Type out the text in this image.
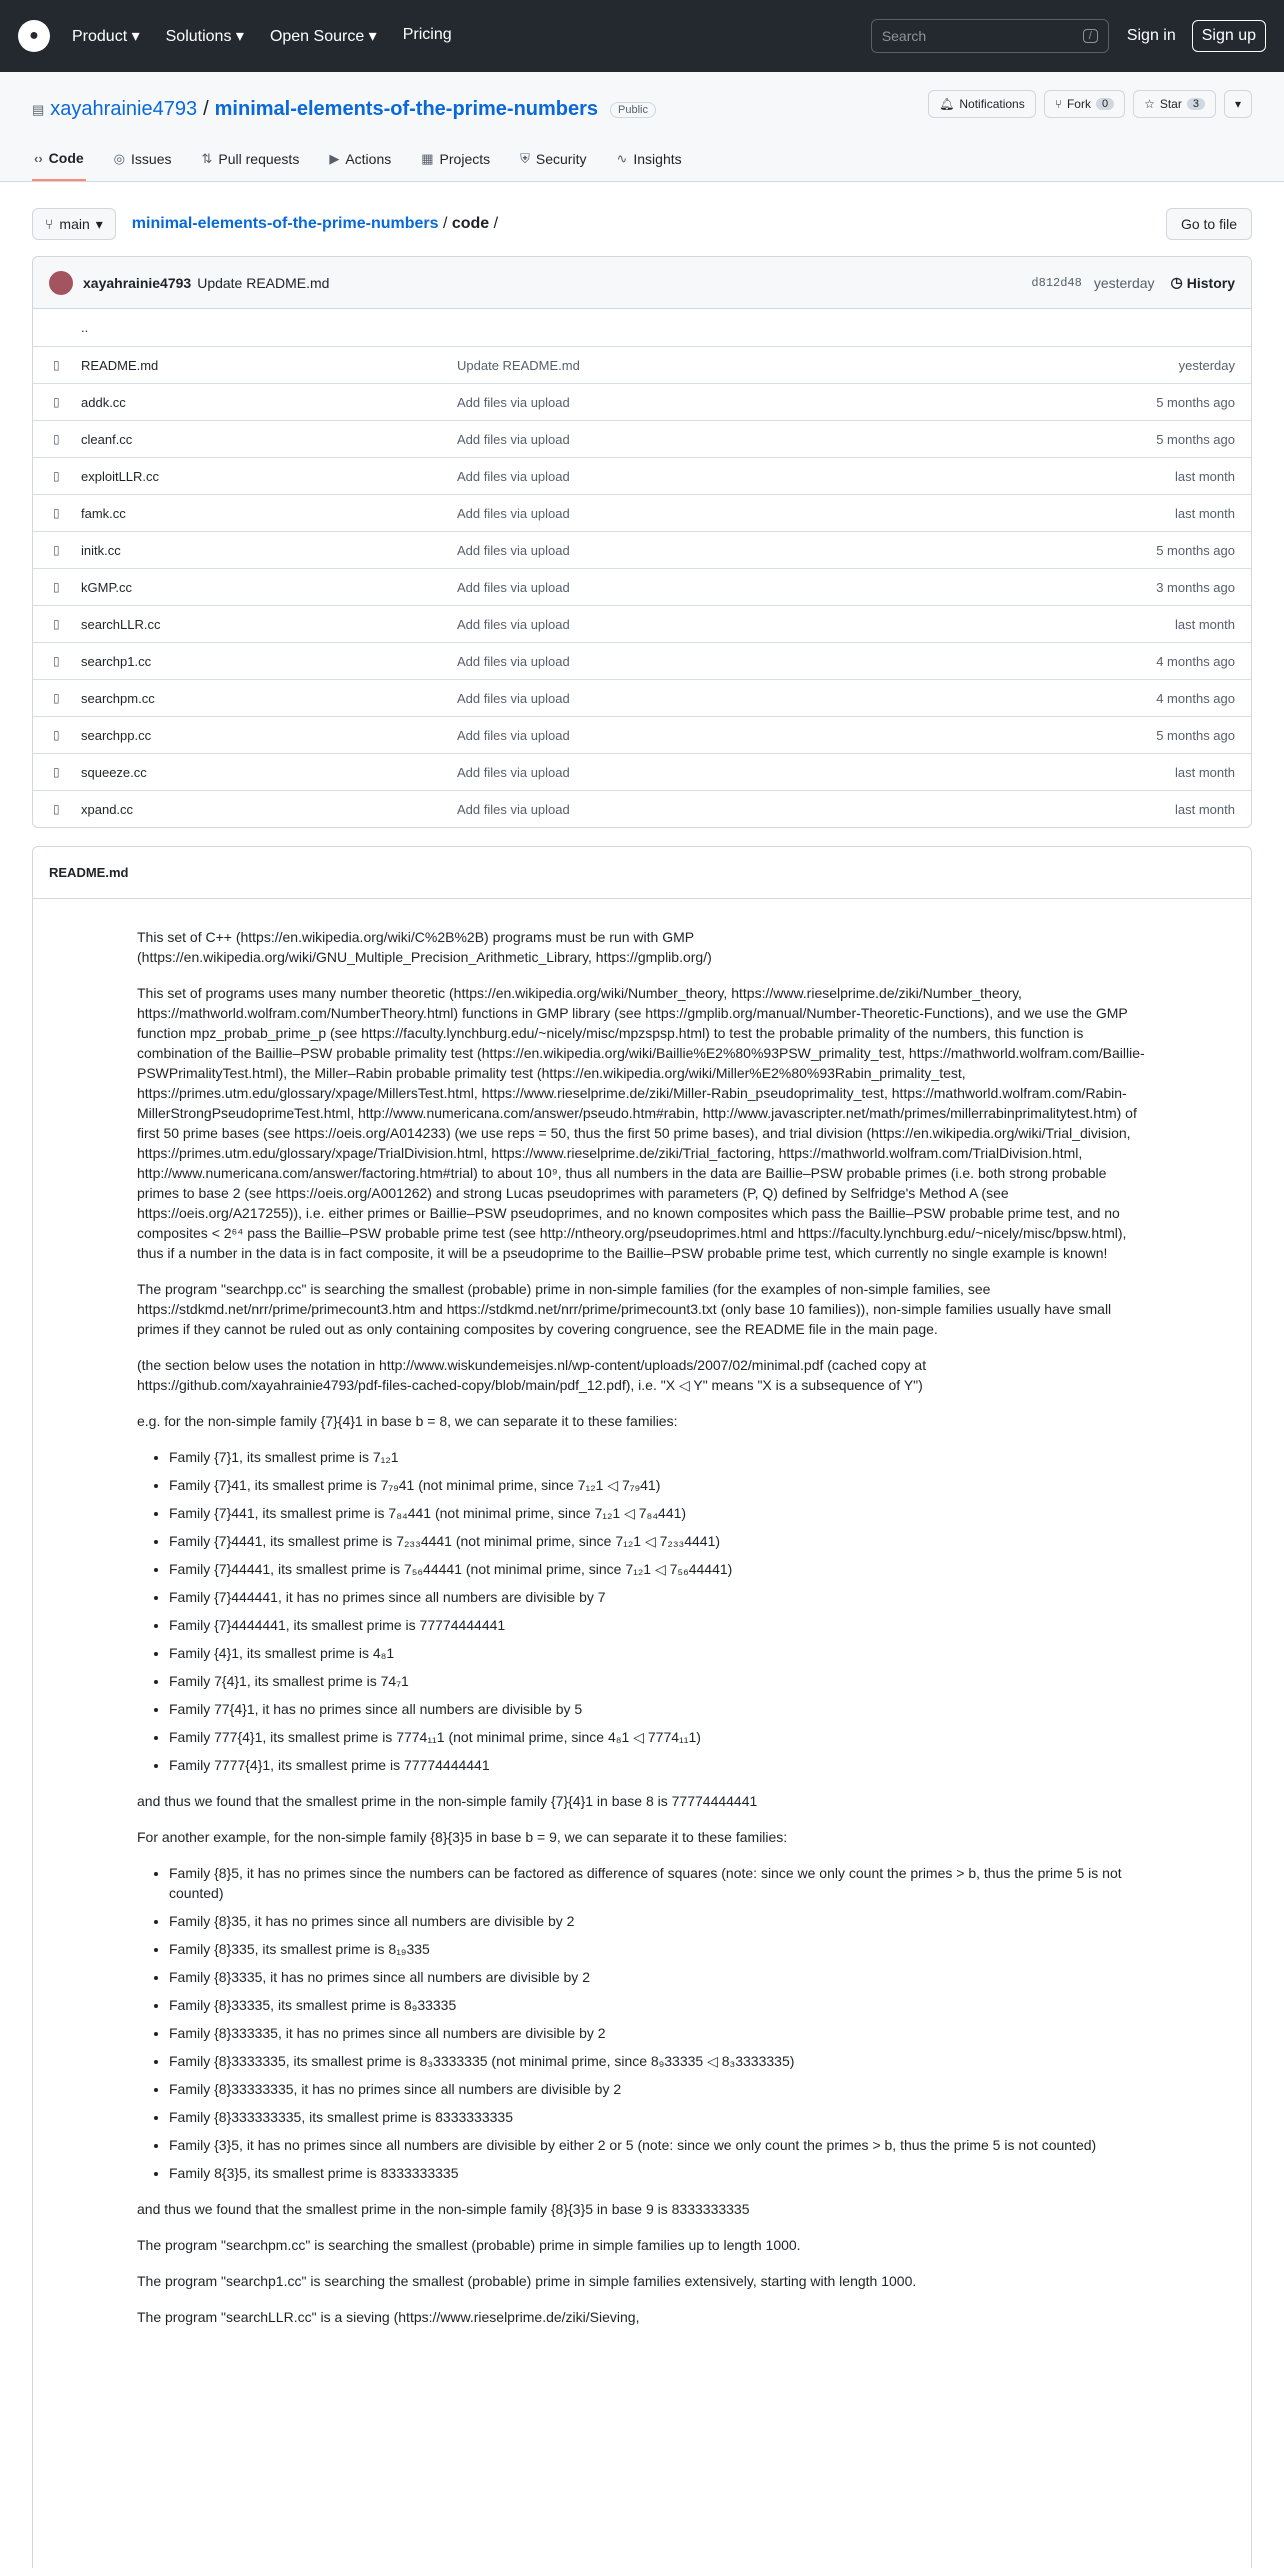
●	Product ▾ Solutions ▾ Open Source ▾ Pricing	Search	/	Sign in	Sign up
▤ xayahrainie4793 / minimal-elements-of-the-prime-numbers	Public
‹› Code ◎ Issues ⇅ Pull requests ▶ Actions ▦ Projects ⛨ Security ∿ Insights
🔔︎ Notifications	⑂ Fork	0	☆ Star	3	▾
⑂ main ▾ minimal-elements-of-the-prime-numbers / code /	Go to file
xayahrainie4793 Update README.md	d812d48 yesterday ◷ History
..
▯ README.md	Update README.md	yesterday
▯ addk.cc	Add files via upload	5 months ago
▯ cleanf.cc	Add files via upload	5 months ago
▯ exploitLLR.cc	Add files via upload	last month
▯ famk.cc	Add files via upload	last month
▯ initk.cc	Add files via upload	5 months ago
▯ kGMP.cc	Add files via upload	3 months ago
▯ searchLLR.cc	Add files via upload	last month
▯ searchp1.cc	Add files via upload	4 months ago
▯ searchpm.cc	Add files via upload	4 months ago
▯ searchpp.cc	Add files via upload	5 months ago
▯ squeeze.cc	Add files via upload	last month
▯ xpand.cc	Add files via upload	last month
README.md

This set of C++ (https://en.wikipedia.org/wiki/C%2B%2B) programs must be run with GMP (https://en.wikipedia.org/wiki/GNU_Multiple_Precision_Arithmetic_Library, https://gmplib.org/)

This set of programs uses many number theoretic (https://en.wikipedia.org/wiki/Number_theory, https://www.rieselprime.de/ziki/Number_theory, https://mathworld.wolfram.com/NumberTheory.html) functions in GMP library (see https://gmplib.org/manual/Number-Theoretic-Functions), and we use the GMP function mpz_probab_prime_p (see https://faculty.lynchburg.edu/~nicely/misc/mpzspsp.html) to test the probable primality of the numbers, this function is combination of the Baillie–PSW probable primality test (https://en.wikipedia.org/wiki/Baillie%E2%80%93PSW_primality_test, https://mathworld.wolfram.com/Baillie-PSWPrimalityTest.html), the Miller–Rabin probable primality test (https://en.wikipedia.org/wiki/Miller%E2%80%93Rabin_primality_test, https://primes.utm.edu/glossary/xpage/MillersTest.html, https://www.rieselprime.de/ziki/Miller-Rabin_pseudoprimality_test, https://mathworld.wolfram.com/Rabin-MillerStrongPseudoprimeTest.html, http://www.numericana.com/answer/pseudo.htm#rabin, http://www.javascripter.net/math/primes/millerrabinprimalitytest.htm) of first 50 prime bases (see https://oeis.org/A014233) (we use reps = 50, thus the first 50 prime bases), and trial division (https://en.wikipedia.org/wiki/Trial_division, https://primes.utm.edu/glossary/xpage/TrialDivision.html, https://www.rieselprime.de/ziki/Trial_factoring, https://mathworld.wolfram.com/TrialDivision.html, http://www.numericana.com/answer/factoring.htm#trial) to about 10⁹, thus all numbers in the data are Baillie–PSW probable primes (i.e. both strong probable primes to base 2 (see https://oeis.org/A001262) and strong Lucas pseudoprimes with parameters (P, Q) defined by Selfridge's Method A (see https://oeis.org/A217255)), i.e. either primes or Baillie–PSW pseudoprimes, and no known composites which pass the Baillie–PSW probable prime test, and no composites < 2⁶⁴ pass the Baillie–PSW probable prime test (see http://ntheory.org/pseudoprimes.html and https://faculty.lynchburg.edu/~nicely/misc/bpsw.html), thus if a number in the data is in fact composite, it will be a pseudoprime to the Baillie–PSW probable prime test, which currently no single example is known!

The program "searchpp.cc" is searching the smallest (probable) prime in non-simple families (for the examples of non-simple families, see https://stdkmd.net/nrr/prime/primecount3.htm and https://stdkmd.net/nrr/prime/primecount3.txt (only base 10 families)), non-simple families usually have small primes if they cannot be ruled out as only containing composites by covering congruence, see the README file in the main page.

(the section below uses the notation in http://www.wiskundemeisjes.nl/wp-content/uploads/2007/02/minimal.pdf (cached copy at https://github.com/xayahrainie4793/pdf-files-cached-copy/blob/main/pdf_12.pdf), i.e. "X ◁ Y" means "X is a subsequence of Y")

e.g. for the non-simple family {7}{4}1 in base b = 8, we can separate it to these families:

• Family {7}1, its smallest prime is 7₁₂1
• Family {7}41, its smallest prime is 7₇₉41 (not minimal prime, since 7₁₂1 ◁ 7₇₉41)
• Family {7}441, its smallest prime is 7₈₄441 (not minimal prime, since 7₁₂1 ◁ 7₈₄441)
• Family {7}4441, its smallest prime is 7₂₃₃4441 (not minimal prime, since 7₁₂1 ◁ 7₂₃₃4441)
• Family {7}44441, its smallest prime is 7₅₆44441 (not minimal prime, since 7₁₂1 ◁ 7₅₆44441)
• Family {7}444441, it has no primes since all numbers are divisible by 7
• Family {7}4444441, its smallest prime is 77774444441
• Family {4}1, its smallest prime is 4₈1
• Family 7{4}1, its smallest prime is 74₇1
• Family 77{4}1, it has no primes since all numbers are divisible by 5
• Family 777{4}1, its smallest prime is 7774₁₁1 (not minimal prime, since 4₈1 ◁ 7774₁₁1)
• Family 7777{4}1, its smallest prime is 77774444441

and thus we found that the smallest prime in the non-simple family {7}{4}1 in base 8 is 77774444441

For another example, for the non-simple family {8}{3}5 in base b = 9, we can separate it to these families:

• Family {8}5, it has no primes since the numbers can be factored as difference of squares (note: since we only count the primes > b, thus the prime 5 is not counted)
• Family {8}35, it has no primes since all numbers are divisible by 2
• Family {8}335, its smallest prime is 8₁₉335
• Family {8}3335, it has no primes since all numbers are divisible by 2
• Family {8}33335, its smallest prime is 8₉33335
• Family {8}333335, it has no primes since all numbers are divisible by 2
• Family {8}3333335, its smallest prime is 8₃3333335 (not minimal prime, since 8₉33335 ◁ 8₃3333335)
• Family {8}33333335, it has no primes since all numbers are divisible by 2
• Family {8}333333335, its smallest prime is 8333333335
• Family {3}5, it has no primes since all numbers are divisible by either 2 or 5 (note: since we only count the primes > b, thus the prime 5 is not counted)
• Family 8{3}5, its smallest prime is 8333333335

and thus we found that the smallest prime in the non-simple family {8}{3}5 in base 9 is 8333333335

The program "searchpm.cc" is searching the smallest (probable) prime in simple families up to length 1000.

The program "searchp1.cc" is searching the smallest (probable) prime in simple families extensively, starting with length 1000.

The program "searchLLR.cc" is a sieving (https://www.rieselprime.de/ziki/Sieving,
